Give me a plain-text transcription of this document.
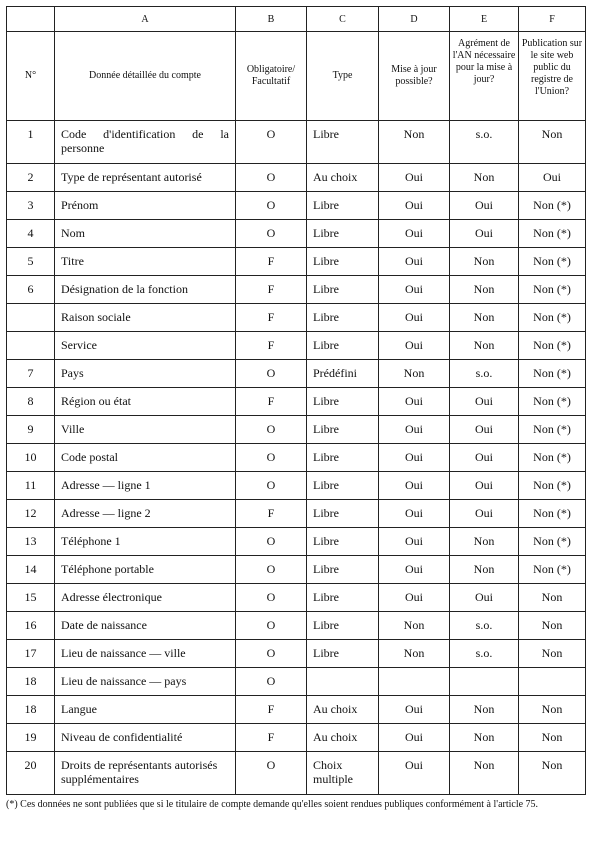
	A	B	C	D	E	F
N°	Donnée détaillée du compte	Obligatoire/ Facultatif	Type	Mise à jour possible?	Agrément de l'AN nécessaire pour la mise à jour?	Publication sur le site web public du registre de l'Union?
1	Code d'identification de la personne	O	Libre	Non	s.o.	Non
2	Type de représentant autorisé	O	Au choix	Oui	Non	Oui
3	Prénom	O	Libre	Oui	Oui	Non (*)
4	Nom	O	Libre	Oui	Oui	Non (*)
5	Titre	F	Libre	Oui	Non	Non (*)
6	Désignation de la fonction	F	Libre	Oui	Non	Non (*)
	Raison sociale	F	Libre	Oui	Non	Non (*)
	Service	F	Libre	Oui	Non	Non (*)
7	Pays	O	Prédéfini	Non	s.o.	Non (*)
8	Région ou état	F	Libre	Oui	Oui	Non (*)
9	Ville	O	Libre	Oui	Oui	Non (*)
10	Code postal	O	Libre	Oui	Oui	Non (*)
11	Adresse — ligne 1	O	Libre	Oui	Oui	Non (*)
12	Adresse — ligne 2	F	Libre	Oui	Oui	Non (*)
13	Téléphone 1	O	Libre	Oui	Non	Non (*)
14	Téléphone portable	O	Libre	Oui	Non	Non (*)
15	Adresse électronique	O	Libre	Oui	Oui	Non
16	Date de naissance	O	Libre	Non	s.o.	Non
17	Lieu de naissance — ville	O	Libre	Non	s.o.	Non
18	Lieu de naissance — pays	O				
18	Langue	F	Au choix	Oui	Non	Non
19	Niveau de confidentialité	F	Au choix	Oui	Non	Non
20	Droits de représentants autorisés supplémentaires	O	Choix multiple	Oui	Non	Non
(*) Ces données ne sont publiées que si le titulaire de compte demande qu'elles soient rendues publiques conformément à l'article 75.
